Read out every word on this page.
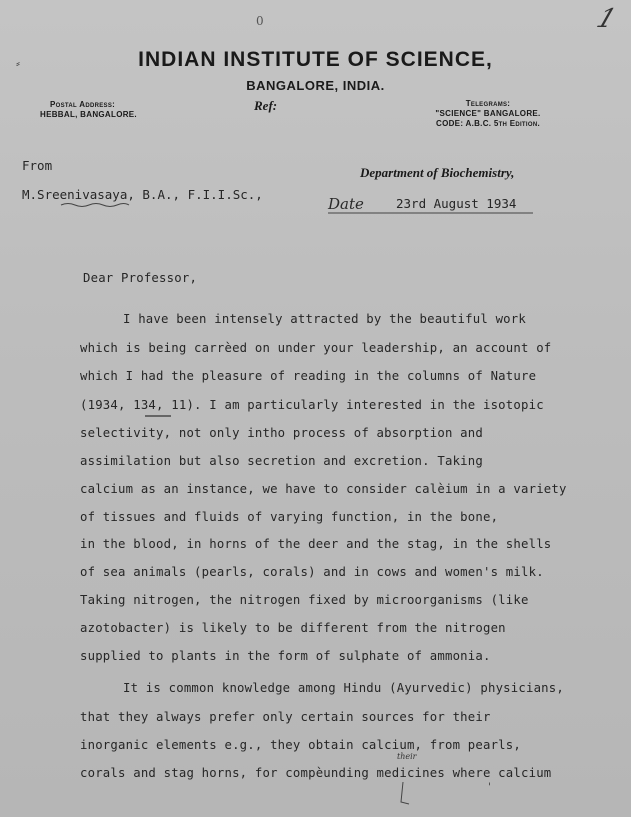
0	1
⸗	INDIAN INSTITUTE OF SCIENCE,
BANGALORE, INDIA.
Postal Address:
HEBBAL, BANGALORE.
Ref:	Telegrams:
"SCIENCE" BANGALORE.
CODE: A.B.C. 5th Edition.
From
M.Sreenivasaya, B.A., F.I.I.Sc.,
Department of Biochemistry,
Date	23rd August 1934
Dear Professor,
I have been intensely attracted by the beautiful work
which is being carrèed on under your leadership, an account of
which I had the pleasure of reading in the columns of Nature
(1934, 134, 11). I am particularly interested in the isotopic
selectivity, not only intho process of absorption and
assimilation but also secretion and excretion. Taking
calcium as an instance, we have to consider calèium in a variety
of tissues and fluids of varying function, in the bone,
in the blood, in horns of the deer and the stag, in the shells
of sea animals (pearls, corals) and in cows and women's milk.
Taking nitrogen, the nitrogen fixed by microorganisms (like
azotobacter) is likely to be different from the nitrogen
supplied to plants in the form of sulphate of ammonia.
It is common knowledge among Hindu (Ayurvedic) physicians,
that they always prefer only certain sources for their
inorganic elements e.g., they obtain calcium, from pearls,
corals and stag horns, for compèunding medicines where calcium
their
'
